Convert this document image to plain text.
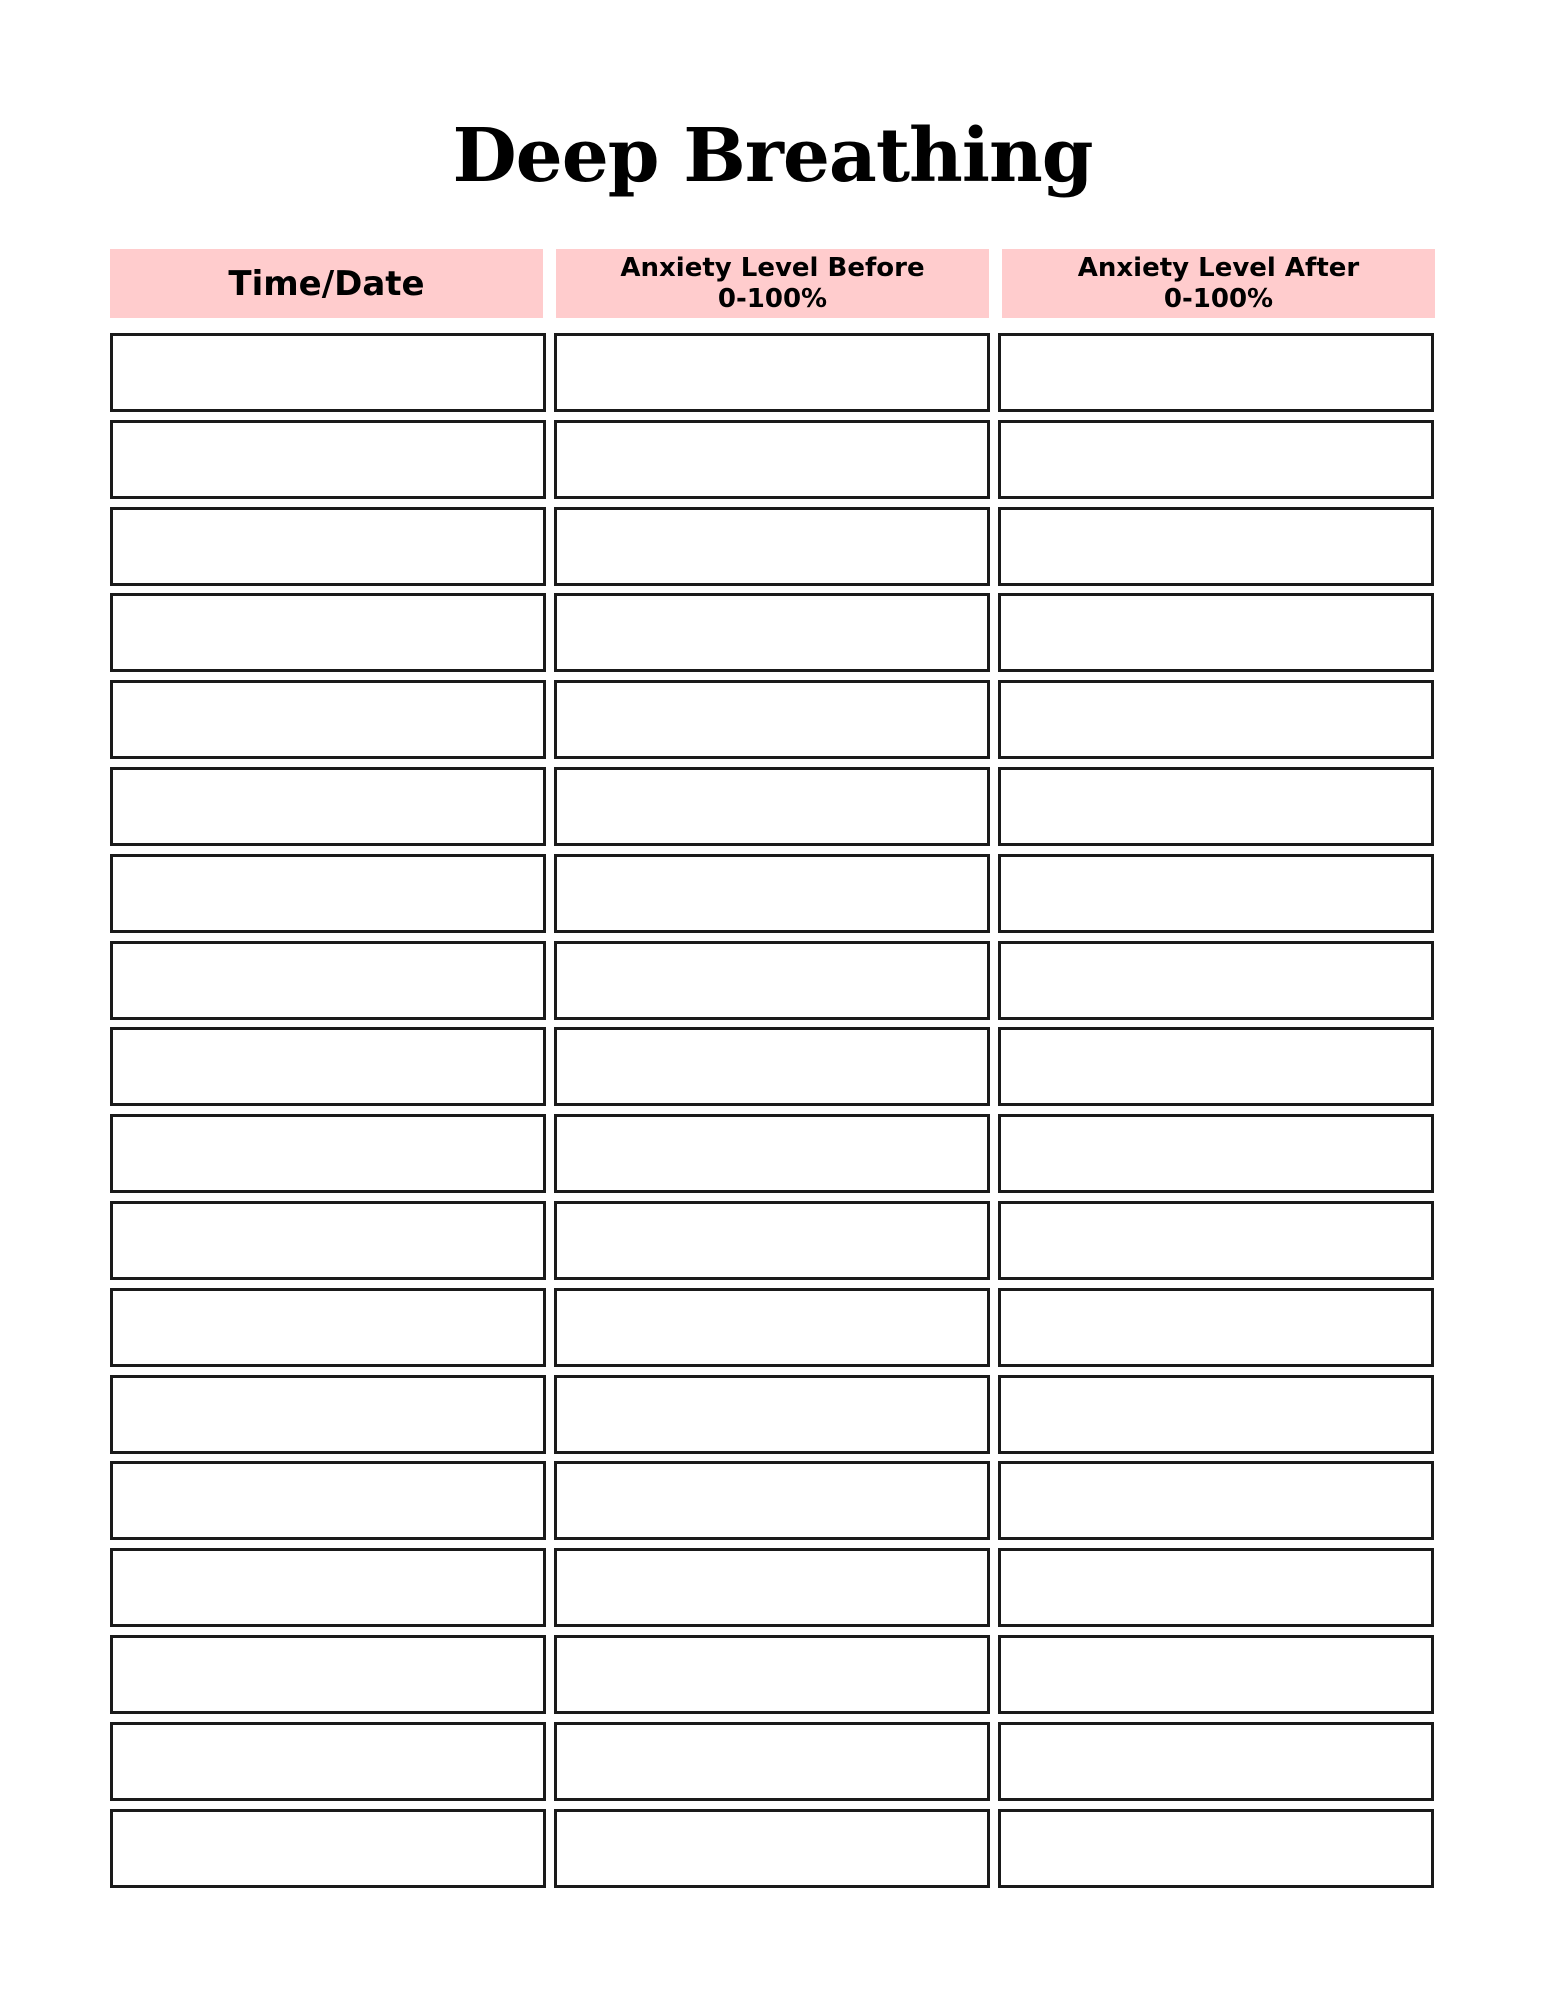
Deep Breathing
Time/Date	Anxiety Level Before
0-100%
Anxiety Level After
0-100%
